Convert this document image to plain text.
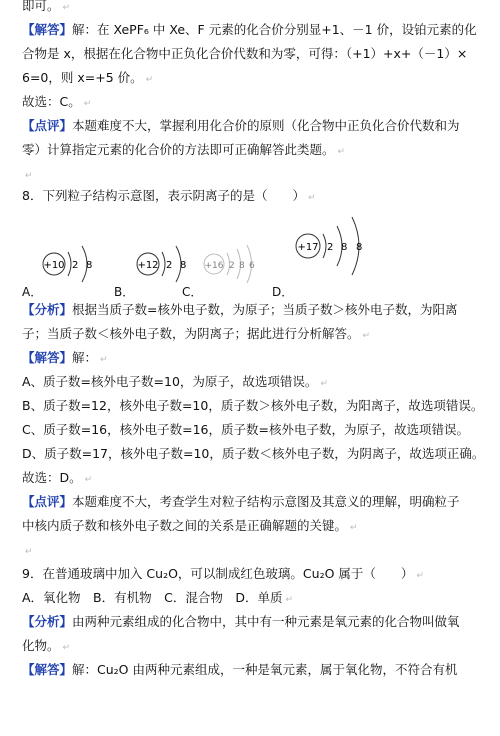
即可。 ↵
【解答】解：在 XePF₆ 中 Xe、F 元素的化合价分别显+1、－1 价，设铂元素的化
合物是 x，根据在化合物中正负化合价代数和为零，可得：（+1）+x+（－1）×
6=0，则 x=+5 价。 ↵
故选：C。 ↵
【点评】本题难度不大，掌握利用化合价的原则（化合物中正负化合价代数和为
零）计算指定元素的化合价的方法即可正确解答此类题。 ↵
↵
8．下列粒子结构示意图，表示阴离子的是（　　） ↵
+10 2 8	+12 2 8 +16 2 8 6
+17 2 8 8
A．	B．	C．	D．
【分析】根据当质子数=核外电子数，为原子；当质子数＞核外电子数，为阳离
子；当质子数＜核外电子数，为阴离子；据此进行分析解答。 ↵
【解答】解： ↵
A、质子数=核外电子数=10，为原子，故选项错误。 ↵
B、质子数=12，核外电子数=10，质子数＞核外电子数，为阳离子，故选项错误。
C、质子数=16，核外电子数=16，质子数=核外电子数，为原子，故选项错误。
D、质子数=17，核外电子数=10，质子数＜核外电子数，为阴离子，故选项正确。
故选：D。 ↵
【点评】本题难度不大，考查学生对粒子结构示意图及其意义的理解，明确粒子
中核内质子数和核外电子数之间的关系是正确解题的关键。 ↵
↵
9．在普通玻璃中加入 Cu₂O，可以制成红色玻璃。Cu₂O 属于（　　） ↵
A．氧化物　B．有机物　C．混合物　D．单质 ↵
【分析】由两种元素组成的化合物中，其中有一种元素是氧元素的化合物叫做氧
化物。 ↵
【解答】解：Cu₂O 由两种元素组成，一种是氧元素，属于氧化物，不符合有机
